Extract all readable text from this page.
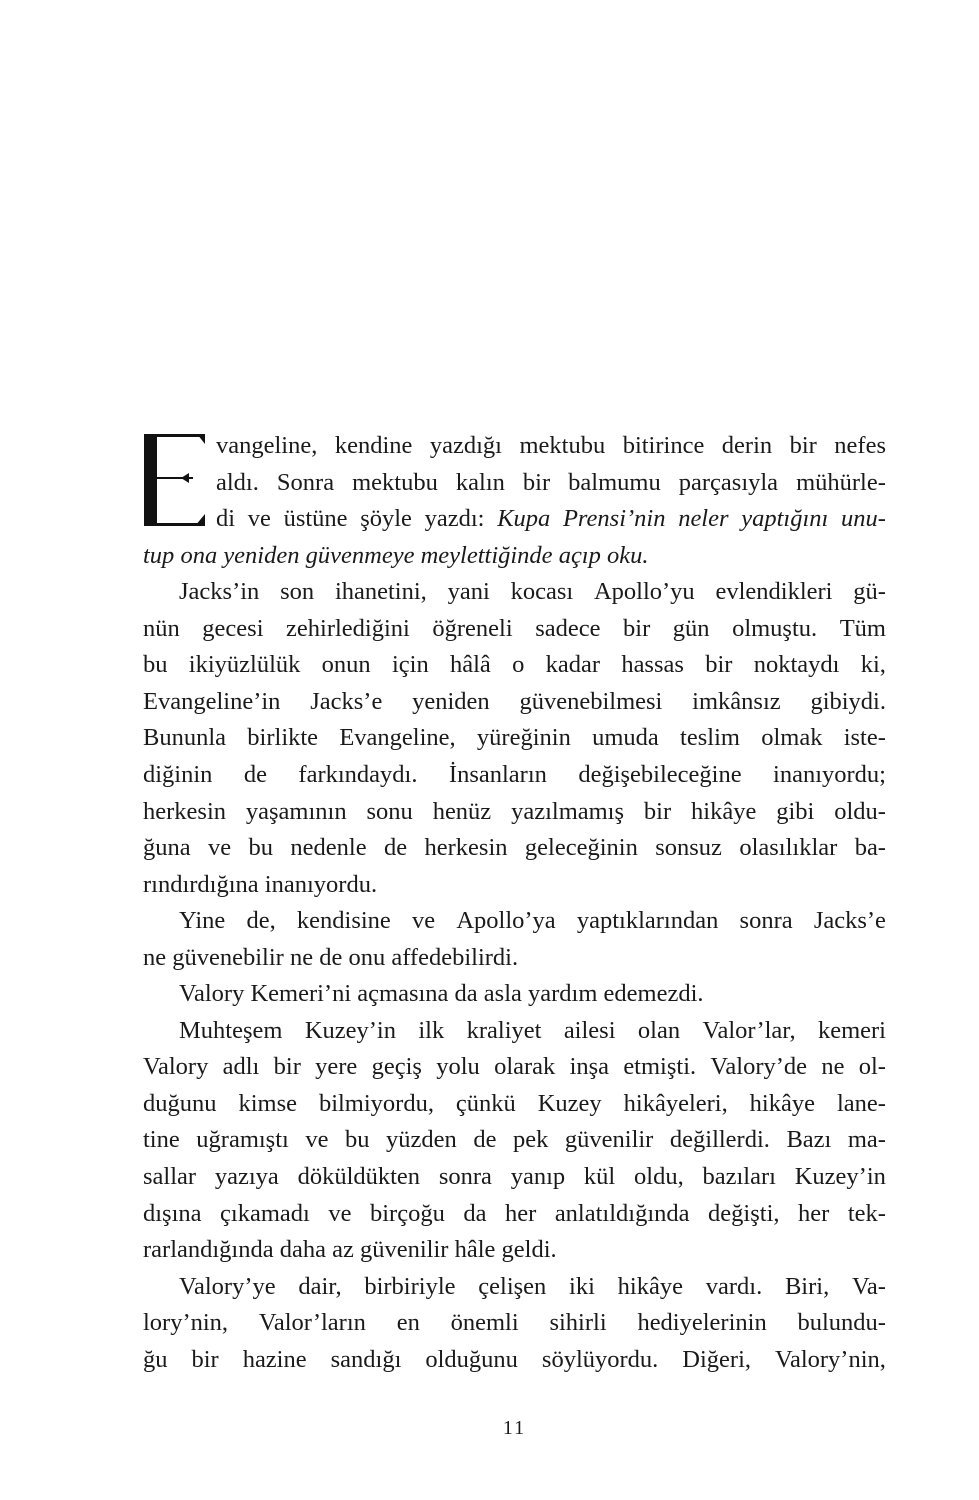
vangeline, kendine yazdığı mektubu bitirince derin bir nefes
aldı. Sonra mektubu kalın bir balmumu parçasıyla mühürle-
di ve üstüne şöyle yazdı: Kupa Prensi’nin neler yaptığını unu-
tup ona yeniden güvenmeye meylettiğinde açıp oku.
Jacks’in son ihanetini, yani kocası Apollo’yu evlendikleri gü-
nün gecesi zehirlediğini öğreneli sadece bir gün olmuştu. Tüm
bu ikiyüzlülük onun için hâlâ o kadar hassas bir noktaydı ki,
Evangeline’in Jacks’e yeniden güvenebilmesi imkânsız gibiydi.
Bununla birlikte Evangeline, yüreğinin umuda teslim olmak iste-
diğinin de farkındaydı. İnsanların değişebileceğine inanıyordu;
herkesin yaşamının sonu henüz yazılmamış bir hikâye gibi oldu-
ğuna ve bu nedenle de herkesin geleceğinin sonsuz olasılıklar ba-
rındırdığına inanıyordu.
Yine de, kendisine ve Apollo’ya yaptıklarından sonra Jacks’e
ne güvenebilir ne de onu affedebilirdi.
Valory Kemeri’ni açmasına da asla yardım edemezdi.
Muhteşem Kuzey’in ilk kraliyet ailesi olan Valor’lar, kemeri
Valory adlı bir yere geçiş yolu olarak inşa etmişti. Valory’de ne ol-
duğunu kimse bilmiyordu, çünkü Kuzey hikâyeleri, hikâye lane-
tine uğramıştı ve bu yüzden de pek güvenilir değillerdi. Bazı ma-
sallar yazıya döküldükten sonra yanıp kül oldu, bazıları Kuzey’in
dışına çıkamadı ve birçoğu da her anlatıldığında değişti, her tek-
rarlandığında daha az güvenilir hâle geldi.
Valory’ye dair, birbiriyle çelişen iki hikâye vardı. Biri, Va-
lory’nin, Valor’ların en önemli sihirli hediyelerinin bulundu-
ğu bir hazine sandığı olduğunu söylüyordu. Diğeri, Valory’nin,
11
